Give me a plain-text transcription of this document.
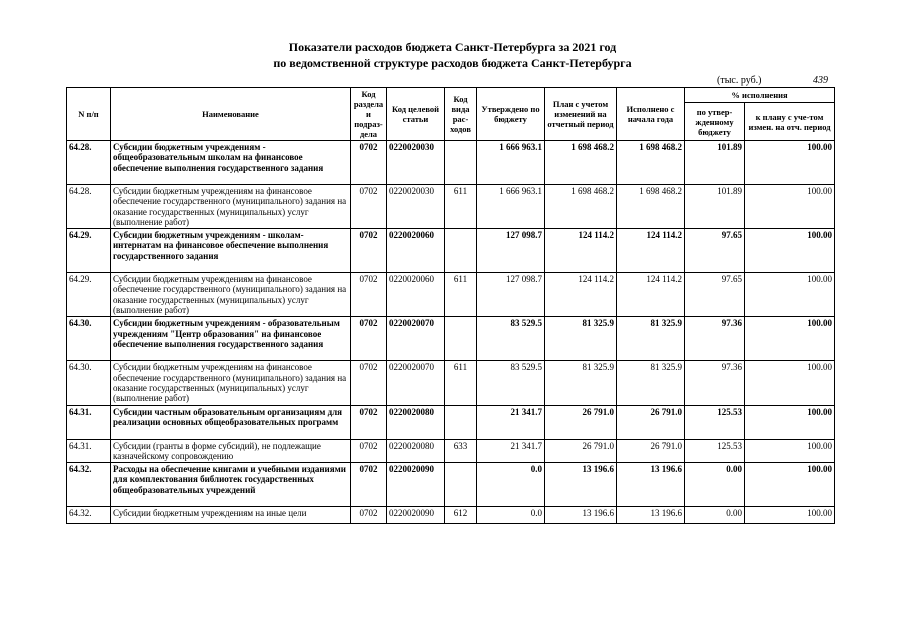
Показатели расходов бюджета Санкт-Петербурга за 2021 год
по ведомственной структуре расходов бюджета Санкт-Петербурга
(тыс. руб.)	439
N п/п	Наименование	Код раздела и подраз-дела	Код целевой статьи	Код вида рас-ходов	Утверждено по бюджету	План с учетом изменений на отчетный период	Исполнено с начала года	% исполнения	
								по утвер-жденному бюджету	к плану с уче-том измен. на отч. период
64.28.	Субсидии бюджетным учреждениям - общеобразовательным школам на финансовое обеспечение выполнения государственного задания	0702	0220020030		1 666 963.1	1 698 468.2	1 698 468.2	101.89	100.00
64.28.	Субсидии бюджетным учреждениям на финансовое обеспечение государственного (муниципального) задания на оказание государственных (муниципальных) услуг (выполнение работ)	0702	0220020030	611	1 666 963.1	1 698 468.2	1 698 468.2	101.89	100.00
64.29.	Субсидии бюджетным учреждениям - школам-интернатам на финансовое обеспечение выполнения государственного задания	0702	0220020060		127 098.7	124 114.2	124 114.2	97.65	100.00
64.29.	Субсидии бюджетным учреждениям на финансовое обеспечение государственного (муниципального) задания на оказание государственных (муниципальных) услуг (выполнение работ)	0702	0220020060	611	127 098.7	124 114.2	124 114.2	97.65	100.00
64.30.	Субсидии бюджетным учреждениям - образовательным учреждениям "Центр образования" на финансовое обеспечение выполнения государственного задания	0702	0220020070		83 529.5	81 325.9	81 325.9	97.36	100.00
64.30.	Субсидии бюджетным учреждениям на финансовое обеспечение государственного (муниципального) задания на оказание государственных (муниципальных) услуг (выполнение работ)	0702	0220020070	611	83 529.5	81 325.9	81 325.9	97.36	100.00
64.31.	Субсидии частным образовательным организациям для реализации основных общеобразовательных программ	0702	0220020080		21 341.7	26 791.0	26 791.0	125.53	100.00
64.31.	Субсидии (гранты в форме субсидий), не подлежащие казначейскому сопровождению	0702	0220020080	633	21 341.7	26 791.0	26 791.0	125.53	100.00
64.32.	Расходы на обеспечение книгами и учебными изданиями для комплектования библиотек государственных общеобразовательных учреждений	0702	0220020090		0.0	13 196.6	13 196.6	0.00	100.00
64.32.	Субсидии бюджетным учреждениям на иные цели	0702	0220020090	612	0.0	13 196.6	13 196.6	0.00	100.00
